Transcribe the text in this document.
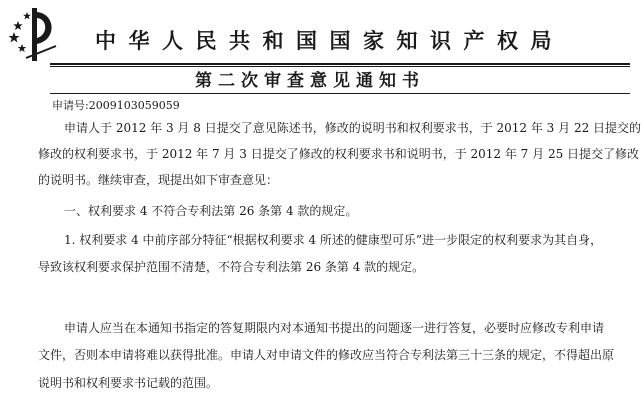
中华人民共和国国家知识产权局
第二次审查意见通知书
申请号:2009103059059
申请人于 2012 年 3 月 8 日提交了意见陈述书，修改的说明书和权利要求书，于 2012 年 3 月 22 日提交的
修改的权利要求书，于 2012 年 7 月 3 日提交了修改的权利要求书和说明书，于 2012 年 7 月 25 日提交了修改
的说明书。继续审查，现提出如下审查意见：
一、权利要求 4 不符合专利法第 26 条第 4 款的规定。
1. 权利要求 4 中前序部分特征“根据权利要求 4 所述的健康型可乐”进一步限定的权利要求为其自身，
导致该权利要求保护范围不清楚，不符合专利法第 26 条第 4 款的规定。
申请人应当在本通知书指定的答复期限内对本通知书提出的问题逐一进行答复，必要时应修改专利申请
文件，否则本申请将难以获得批准。申请人对申请文件的修改应当符合专利法第三十三条的规定，不得超出原
说明书和权利要求书记载的范围。
